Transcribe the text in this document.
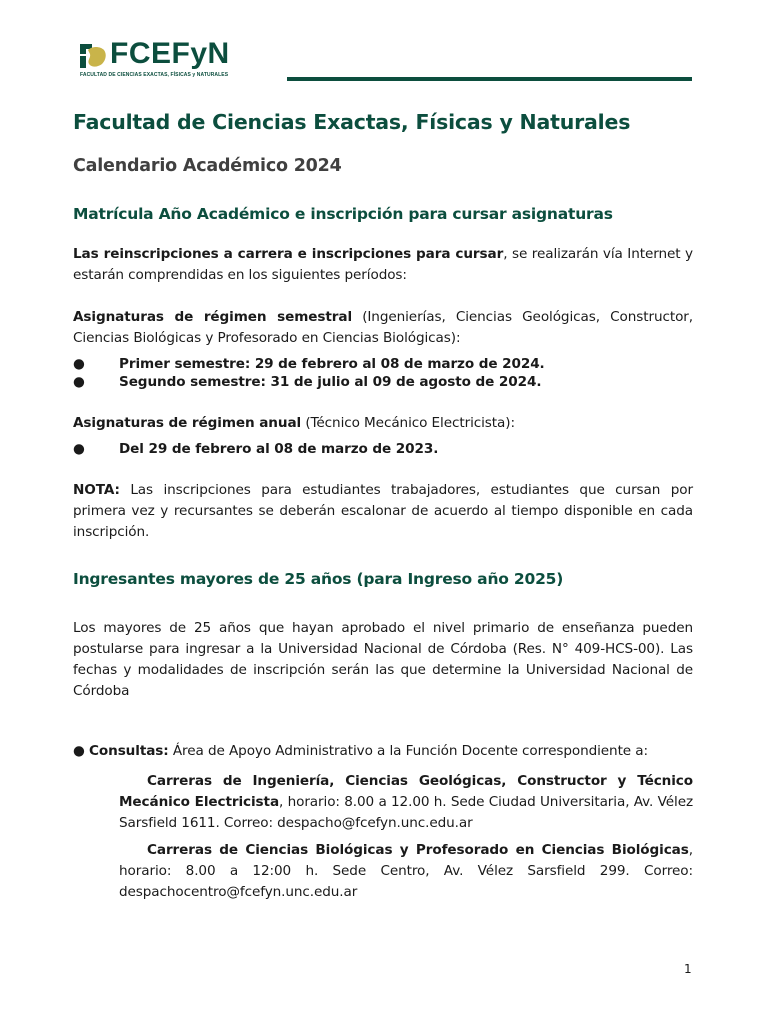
FCEFyN
FACULTAD DE CIENCIAS EXACTAS, FÍSICAS y NATURALES
Facultad de Ciencias Exactas, Físicas y Naturales
Calendario Académico 2024
Matrícula Año Académico e inscripción para cursar asignaturas

Las reinscripciones a carrera e inscripciones para cursar, se realizarán vía Internet y estarán comprendidas en los siguientes períodos:

Asignaturas de régimen semestral (Ingenierías, Ciencias Geológicas, Constructor, Ciencias Biológicas y Profesorado en Ciencias Biológicas):

●	Primer semestre: 29 de febrero al 08 de marzo de 2024.
●	Segundo semestre: 31 de julio al 09 de agosto de 2024.

Asignaturas de régimen anual (Técnico Mecánico Electricista):

●	Del 29 de febrero al 08 de marzo de 2023.

NOTA: Las inscripciones para estudiantes trabajadores, estudiantes que cursan por primera vez y recursantes se deberán escalonar de acuerdo al tiempo disponible en cada inscripción.

Ingresantes mayores de 25 años (para Ingreso año 2025)

Los mayores de 25 años que hayan aprobado el nivel primario de enseñanza pueden postularse para ingresar a la Universidad Nacional de Córdoba (Res. N° 409-HCS-00). Las fechas y modalidades de inscripción serán las que determine la Universidad Nacional de Córdoba

● Consultas: Área de Apoyo Administrativo a la Función Docente correspondiente a:

Carreras de Ingeniería, Ciencias Geológicas, Constructor y Técnico Mecánico Electricista, horario: 8.00 a 12.00 h. Sede Ciudad Universitaria, Av. Vélez Sarsfield 1611. Correo: despacho@fcefyn.unc.edu.ar

Carreras de Ciencias Biológicas y Profesorado en Ciencias Biológicas, horario: 8.00 a 12:00 h. Sede Centro, Av. Vélez Sarsfield 299. Correo: despachocentro@fcefyn.unc.edu.ar

1
